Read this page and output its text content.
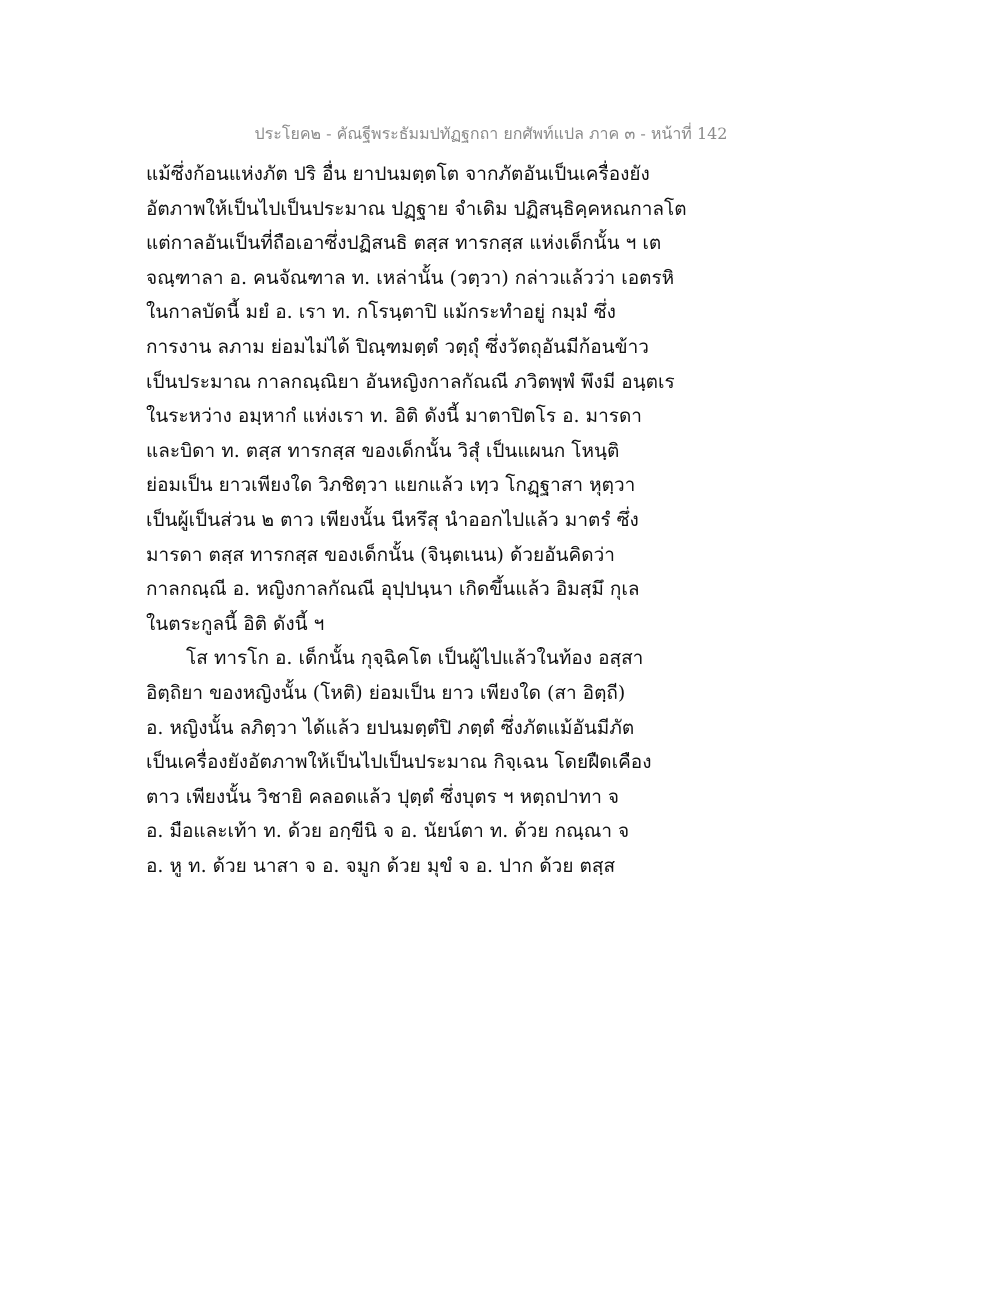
ประโยค๒ - คัณฐีพระธัมมปทัฏฐกถา ยกศัพท์แปล ภาค ๓ - หน้าที่ 142
แม้ซึ่งก้อนแห่งภัต ปริ อื่น ยาปนมตฺตโต จากภัตอันเป็นเครื่องยัง
อัตภาพให้เป็นไปเป็นประมาณ ปฏฺฐาย จำเดิม ปฏิสนฺธิคฺคหณกาลโต
แต่กาลอันเป็นที่ถือเอาซึ่งปฏิสนธิ ตสฺส ทารกสฺส แห่งเด็กนั้น ฯ เต
จณฺฑาลา อ. คนจัณฑาล ท. เหล่านั้น (วตฺวา) กล่าวแล้วว่า เอตรหิ
ในกาลบัดนี้ มยํ อ. เรา ท. กโรนฺตาปิ แม้กระทำอยู่ กมฺมํ ซึ่ง
การงาน ลภาม ย่อมไม่ได้ ปิณฺฑมตฺตํ วตฺถุํ ซึ่งวัตถุอันมีก้อนข้าว
เป็นประมาณ กาลกณฺณิยา อันหญิงกาลกัณณี ภวิตพฺพํ พึงมี อนฺตเร
ในระหว่าง อมฺหากํ แห่งเรา ท. อิติ ดังนี้ มาตาปิตโร อ. มารดา
และบิดา ท. ตสฺส ทารกสฺส ของเด็กนั้น วิสุํ เป็นแผนก โหนฺติ
ย่อมเป็น ยาวเพียงใด วิภชิตฺวา แยกแล้ว เทฺว โกฏฺฐาสา หุตฺวา
เป็นผู้เป็นส่วน ๒ ตาว เพียงนั้น นีหรึสุ นำออกไปแล้ว มาตรํ ซึ่ง
มารดา ตสฺส ทารกสฺส ของเด็กนั้น (จินฺตเนน) ด้วยอันคิดว่า
กาลกณฺณี อ. หญิงกาลกัณณี อุปฺปนฺนา เกิดขึ้นแล้ว อิมสฺมึ กุเล
ในตระกูลนี้ อิติ ดังนี้ ฯ
โส ทารโก อ. เด็กนั้น กุจฺฉิคโต เป็นผู้ไปแล้วในท้อง อสฺสา
อิตฺถิยา ของหญิงนั้น (โหติ) ย่อมเป็น ยาว เพียงใด (สา อิตฺถี)
อ. หญิงนั้น ลภิตฺวา ได้แล้ว ยปนมตฺตํปิ ภตฺตํ ซึ่งภัตแม้อันมีภัต
เป็นเครื่องยังอัตภาพให้เป็นไปเป็นประมาณ กิจฺเฉน โดยฝืดเคือง
ตาว เพียงนั้น วิชายิ คลอดแล้ว ปุตฺตํ ซึ่งบุตร ฯ หตฺถปาทา จ
อ. มือและเท้า ท. ด้วย อกฺขีนิ จ อ. นัยน์ตา ท. ด้วย กณฺณา จ
อ. หู ท. ด้วย นาสา จ อ. จมูก ด้วย มุขํ จ อ. ปาก ด้วย ตสฺส
